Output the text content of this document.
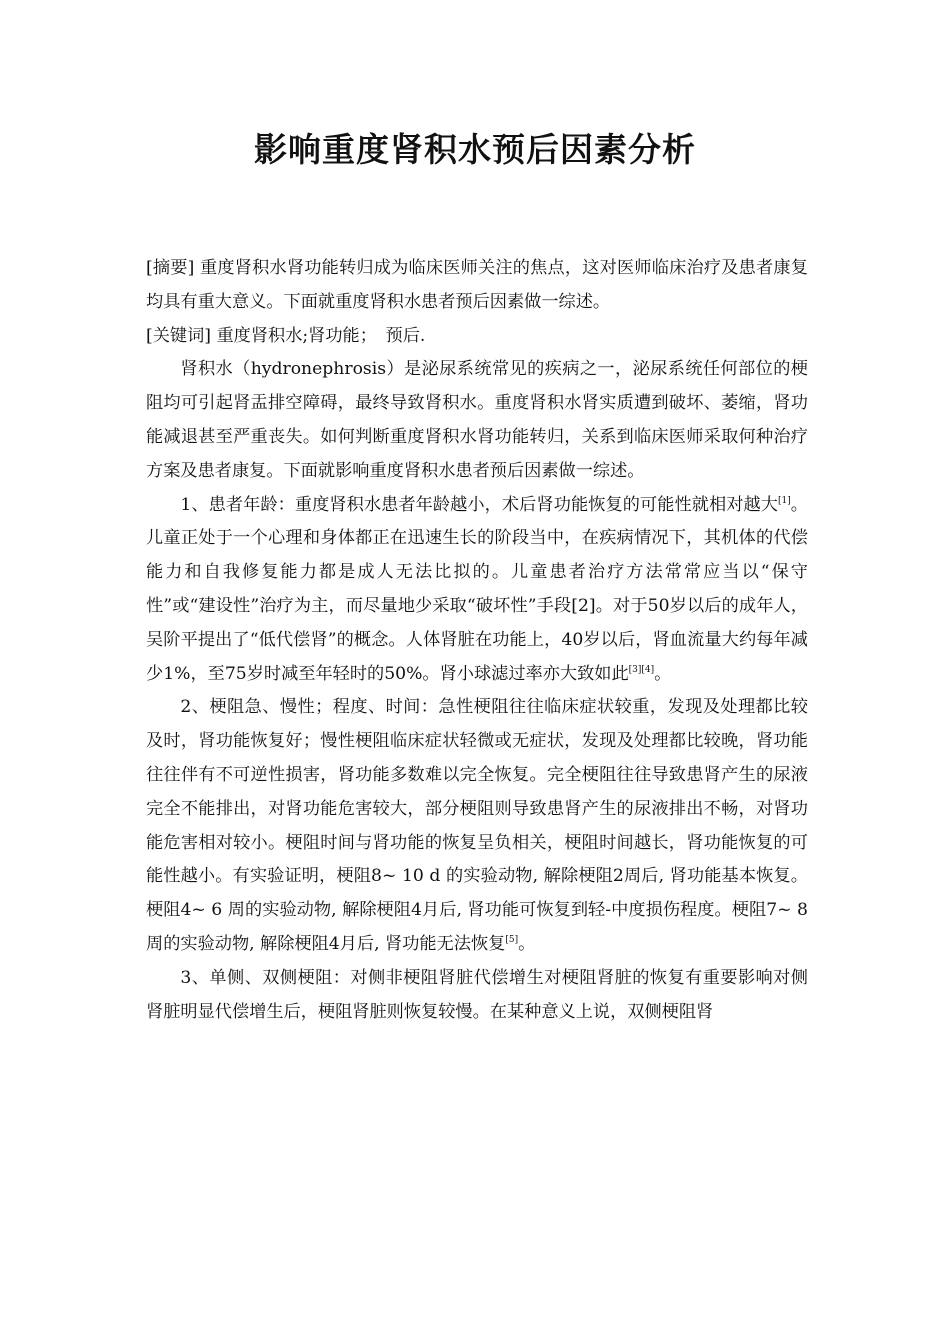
影响重度肾积水预后因素分析

[摘要] 重度肾积水肾功能转归成为临床医师关注的焦点，这对医师临床治疗及患者康复均具有重大意义。下面就重度肾积水患者预后因素做一综述。

[关键词] 重度肾积水;肾功能；　预后.

肾积水（hydronephrosis）是泌尿系统常见的疾病之一，泌尿系统任何部位的梗阻均可引起肾盂排空障碍，最终导致肾积水。重度肾积水肾实质遭到破坏、萎缩，肾功能减退甚至严重丧失。如何判断重度肾积水肾功能转归，关系到临床医师采取何种治疗方案及患者康复。下面就影响重度肾积水患者预后因素做一综述。

1、患者年龄：重度肾积水患者年龄越小，术后肾功能恢复的可能性就相对越大[1]。儿童正处于一个心理和身体都正在迅速生长的阶段当中，在疾病情况下，其机体的代偿能力和自我修复能力都是成人无法比拟的。儿童患者治疗方法常常应当以“保守性”或“建设性”治疗为主，而尽量地少采取“破坏性”手段[2]。对于50岁以后的成年人，吴阶平提出了“低代偿肾”的概念。人体肾脏在功能上，40岁以后，肾血流量大约每年减少1%，至75岁时减至年轻时的50%。肾小球滤过率亦大致如此[3][4]。

2、梗阻急、慢性；程度、时间：急性梗阻往往临床症状较重，发现及处理都比较及时，肾功能恢复好；慢性梗阻临床症状轻微或无症状，发现及处理都比较晚，肾功能往往伴有不可逆性损害，肾功能多数难以完全恢复。完全梗阻往往导致患肾产生的尿液完全不能排出，对肾功能危害较大，部分梗阻则导致患肾产生的尿液排出不畅，对肾功能危害相对较小。梗阻时间与肾功能的恢复呈负相关，梗阻时间越长，肾功能恢复的可能性越小。有实验证明，梗阻8~ 10 d 的实验动物, 解除梗阻2周后, 肾功能基本恢复。梗阻4~ 6 周的实验动物, 解除梗阻4月后, 肾功能可恢复到轻-中度损伤程度。梗阻7~ 8 周的实验动物, 解除梗阻4月后, 肾功能无法恢复[5]。

3、单侧、双侧梗阻：对侧非梗阻肾脏代偿增生对梗阻肾脏的恢复有重要影响对侧肾脏明显代偿增生后，梗阻肾脏则恢复较慢。在某种意义上说，双侧梗阻肾
